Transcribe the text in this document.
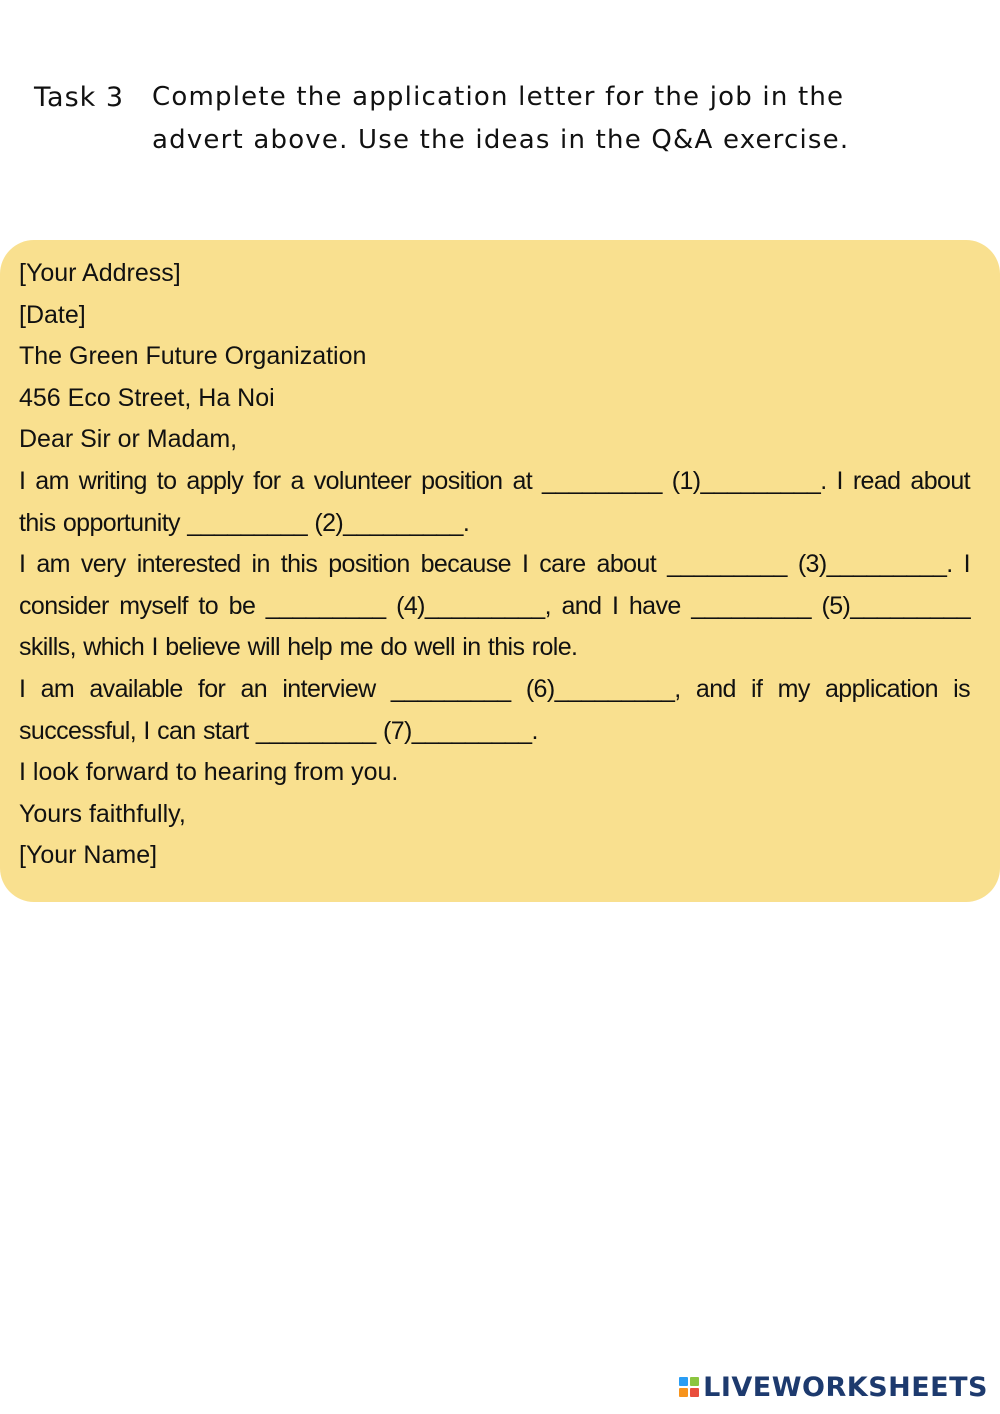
Task 3	Complete the application letter for the job in the advert above. Use the ideas in the Q&A exercise.
[Your Address]
[Date]
The Green Future Organization
456 Eco Street, Ha Noi
Dear Sir or Madam,
I am writing to apply for a volunteer position at _________ (1)_________. I read about this opportunity _________ (2)_________.
I am very interested in this position because I care about _________ (3)_________. I consider myself to be _________ (4)_________, and I have _________ (5)_________ skills, which I believe will help me do well in this role.
I am available for an interview _________ (6)_________, and if my application is successful, I can start _________ (7)_________.
I look forward to hearing from you.
Yours faithfully,
[Your Name]
LIVEWORKSHEETS
